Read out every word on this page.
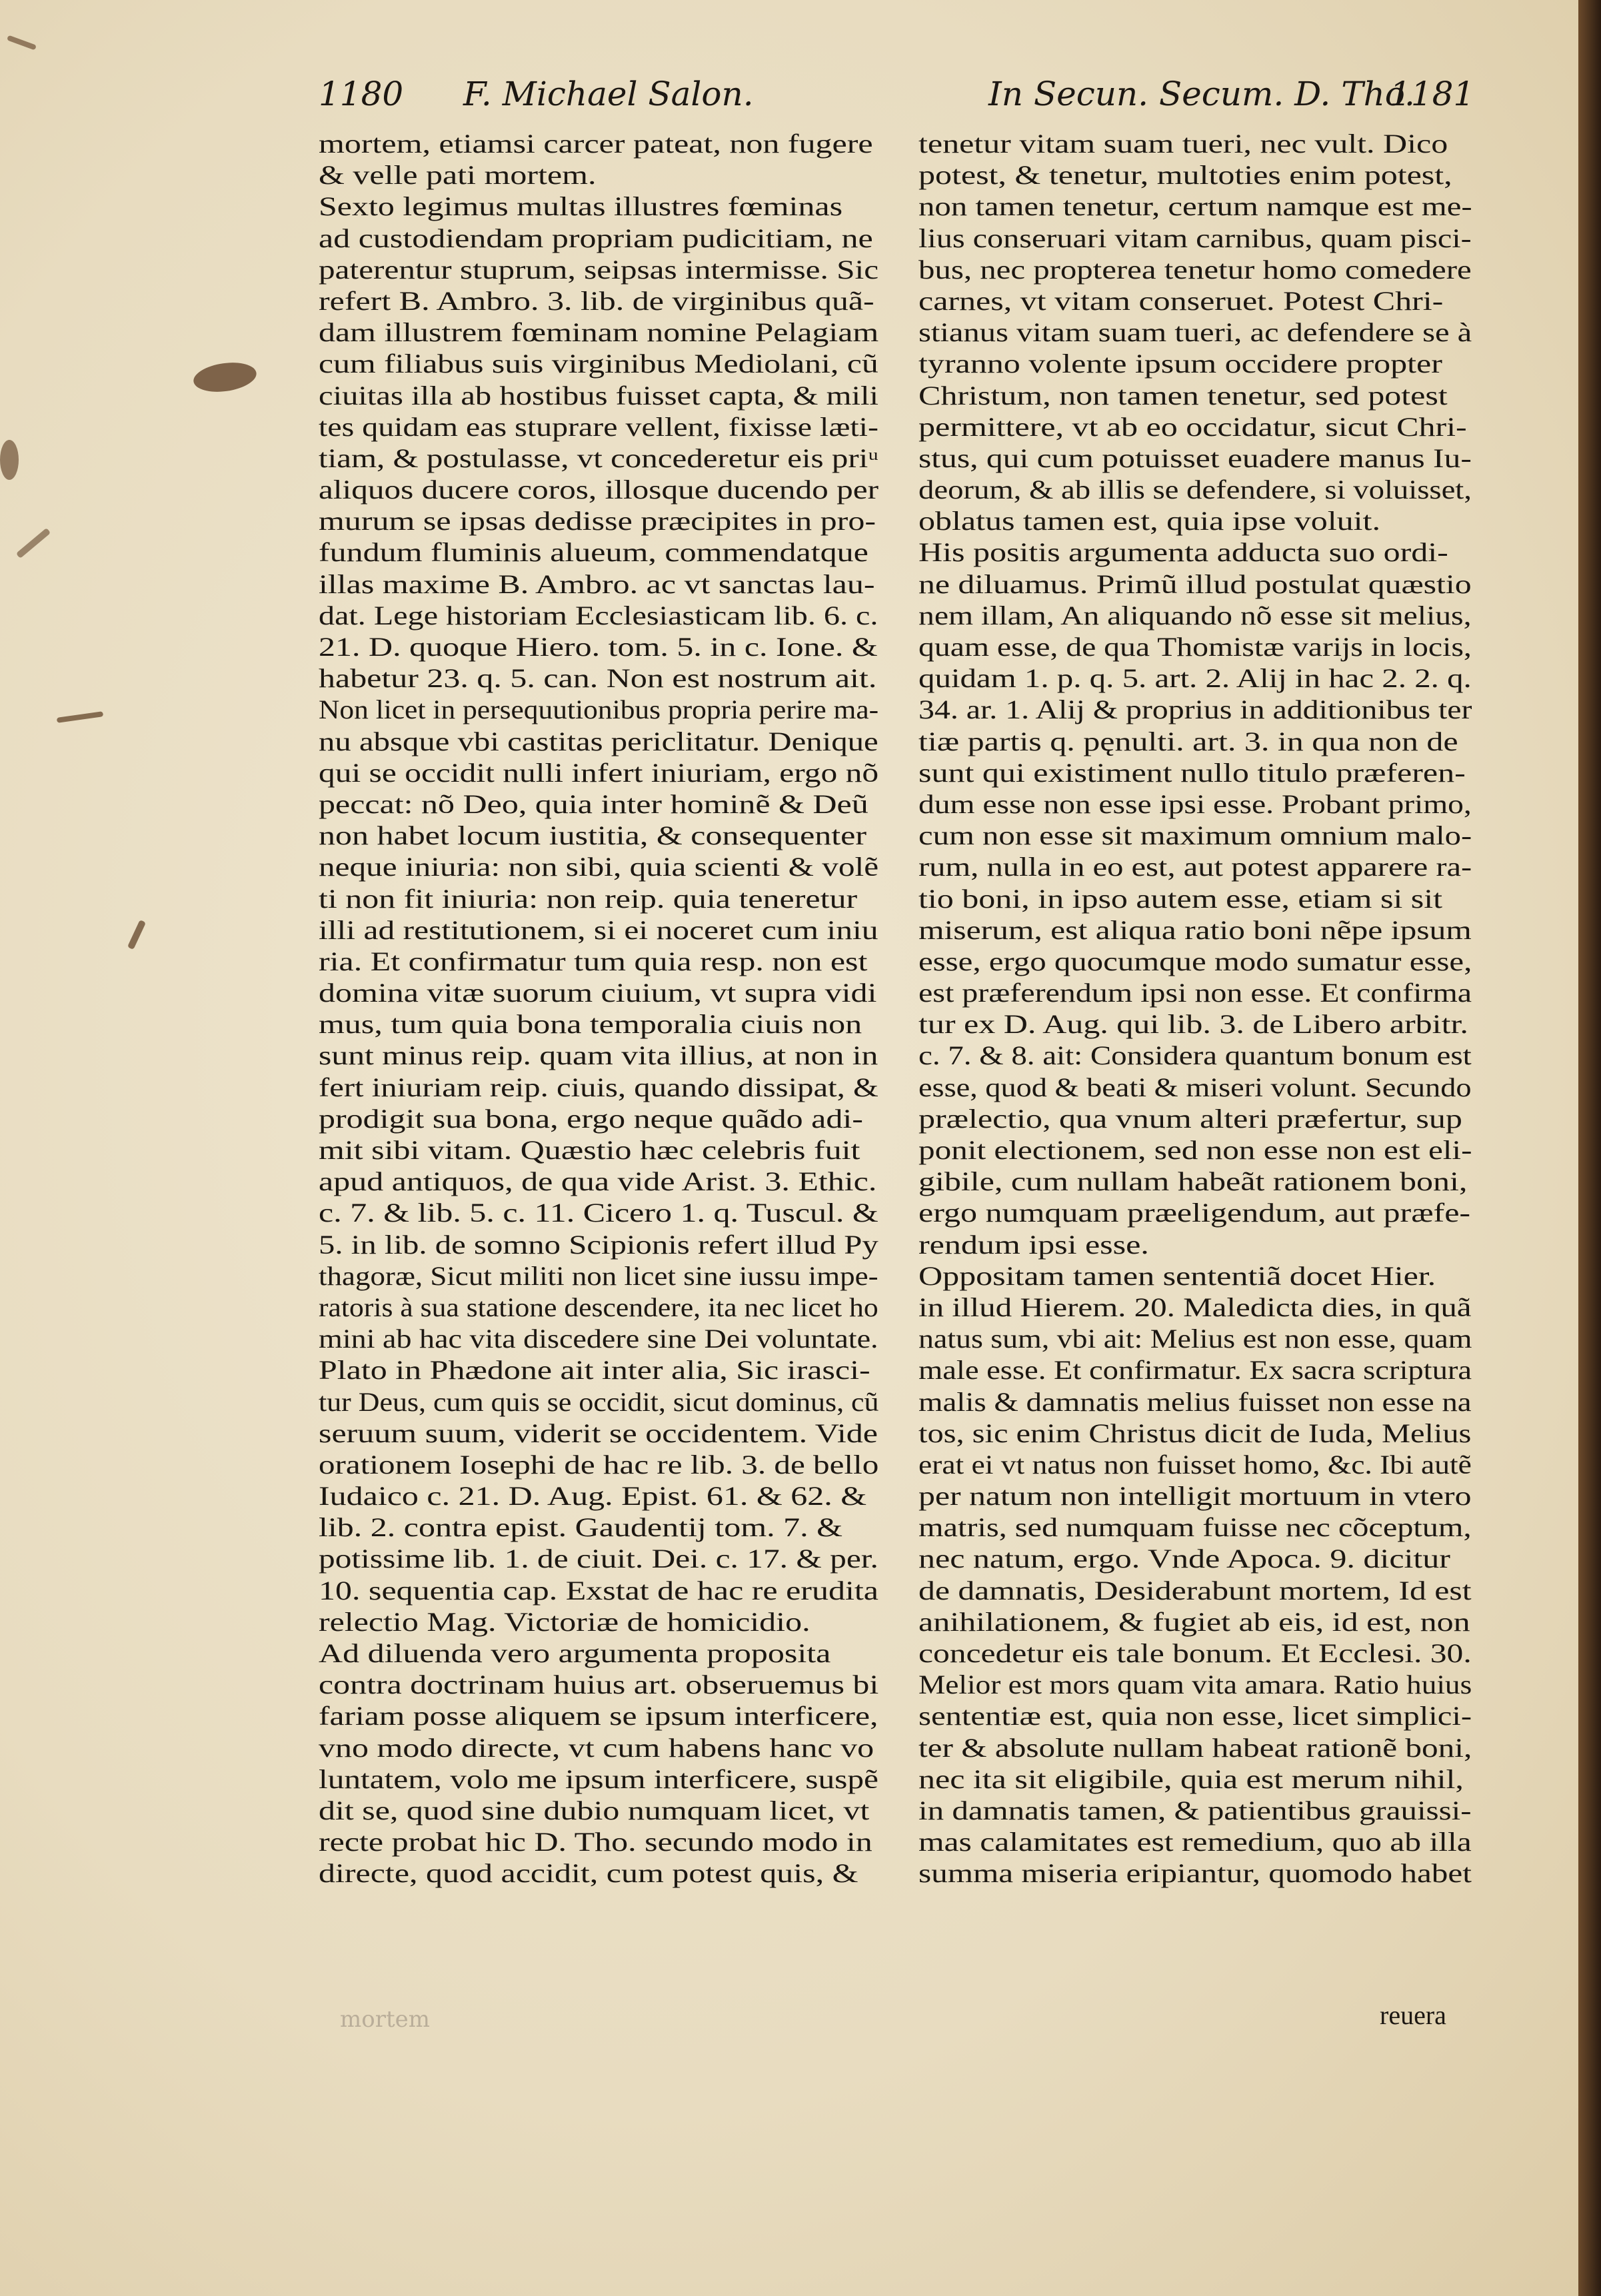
1180 F. Michael Salon.	In Secun. Secum. D. Tho.
1181
mortem, etiamsi carcer pateat, non fugere
& velle pati mortem.
Sexto legimus multas illustres fœminas
ad custodiendam propriam pudicitiam, ne
paterentur stuprum, seipsas intermisse. Sic
refert B. Ambro. 3. lib. de virginibus quã-
dam illustrem fœminam nomine Pelagiam
cum filiabus suis virginibus Mediolani, cũ
ciuitas illa ab hostibus fuisset capta, & mili
tes quidam eas stuprare vellent, fixisse læti-
tiam, & postulasse, vt concederetur eis priᵘ
aliquos ducere coros, illosque ducendo per
murum se ipsas dedisse præcipites in pro-
fundum fluminis alueum, commendatque
illas maxime B. Ambro. ac vt sanctas lau-
dat. Lege historiam Ecclesiasticam lib. 6. c.
21. D. quoque Hiero. tom. 5. in c. Ione. &
habetur 23. q. 5. can. Non est nostrum ait.
Non licet in persequutionibus propria perire ma-
nu absque vbi castitas periclitatur. Denique
qui se occidit nulli infert iniuriam, ergo nõ
peccat: nõ Deo, quia inter hominẽ & Deũ
non habet locum iustitia, & consequenter
neque iniuria: non sibi, quia scienti & volẽ
ti non fit iniuria: non reip. quia teneretur
illi ad restitutionem, si ei noceret cum iniu
ria. Et confirmatur tum quia resp. non est
domina vitæ suorum ciuium, vt supra vidi
mus, tum quia bona temporalia ciuis non
sunt minus reip. quam vita illius, at non in
fert iniuriam reip. ciuis, quando dissipat, &
prodigit sua bona, ergo neque quãdo adi-
mit sibi vitam. Quæstio hæc celebris fuit
apud antiquos, de qua vide Arist. 3. Ethic.
c. 7. & lib. 5. c. 11. Cicero 1. q. Tuscul. &
5. in lib. de somno Scipionis refert illud Py
thagoræ, Sicut militi non licet sine iussu impe-
ratoris à sua statione descendere, ita nec licet ho
mini ab hac vita discedere sine Dei voluntate.
Plato in Phædone ait inter alia, Sic irasci-
tur Deus, cum quis se occidit, sicut dominus, cũ
seruum suum, viderit se occidentem. Vide
orationem Iosephi de hac re lib. 3. de bello
Iudaico c. 21. D. Aug. Epist. 61. & 62. &
lib. 2. contra epist. Gaudentij tom. 7. &
potissime lib. 1. de ciuit. Dei. c. 17. & per.
10. sequentia cap. Exstat de hac re erudita
relectio Mag. Victoriæ de homicidio.
Ad diluenda vero argumenta proposita
contra doctrinam huius art. obseruemus bi
fariam posse aliquem se ipsum interficere,
vno modo directe, vt cum habens hanc vo
luntatem, volo me ipsum interficere, suspẽ
dit se, quod sine dubio numquam licet, vt
recte probat hic D. Tho. secundo modo in
directe, quod accidit, cum potest quis, &
tenetur vitam suam tueri, nec vult. Dico
potest, & tenetur, multoties enim potest,
non tamen tenetur, certum namque est me-
lius conseruari vitam carnibus, quam pisci-
bus, nec propterea tenetur homo comedere
carnes, vt vitam conseruet. Potest Chri-
stianus vitam suam tueri, ac defendere se à
tyranno volente ipsum occidere propter
Christum, non tamen tenetur, sed potest
permittere, vt ab eo occidatur, sicut Chri-
stus, qui cum potuisset euadere manus Iu-
deorum, & ab illis se defendere, si voluisset,
oblatus tamen est, quia ipse voluit.
His positis argumenta adducta suo ordi-
ne diluamus. Primũ illud postulat quæstio
nem illam, An aliquando nõ esse sit melius,
quam esse, de qua Thomistæ varijs in locis,
quidam 1. p. q. 5. art. 2. Alij in hac 2. 2. q.
34. ar. 1. Alij & proprius in additionibus ter
tiæ partis q. pęnulti. art. 3. in qua non de
sunt qui existiment nullo titulo præferen-
dum esse non esse ipsi esse. Probant primo,
cum non esse sit maximum omnium malo-
rum, nulla in eo est, aut potest apparere ra-
tio boni, in ipso autem esse, etiam si sit
miserum, est aliqua ratio boni nẽpe ipsum
esse, ergo quocumque modo sumatur esse,
est præferendum ipsi non esse. Et confirma
tur ex D. Aug. qui lib. 3. de Libero arbitr.
c. 7. & 8. ait: Considera quantum bonum est
esse, quod & beati & miseri volunt. Secundo
prælectio, qua vnum alteri præfertur, sup
ponit electionem, sed non esse non est eli-
gibile, cum nullam habeãt rationem boni,
ergo numquam præeligendum, aut præfe-
rendum ipsi esse.
Oppositam tamen sententiã docet Hier.
in illud Hierem. 20. Maledicta dies, in quã
natus sum, vbi ait: Melius est non esse, quam
male esse. Et confirmatur. Ex sacra scriptura
malis & damnatis melius fuisset non esse na
tos, sic enim Christus dicit de Iuda, Melius
erat ei vt natus non fuisset homo, &c. Ibi autẽ
per natum non intelligit mortuum in vtero
matris, sed numquam fuisse nec cõceptum,
nec natum, ergo. Vnde Apoca. 9. dicitur
de damnatis, Desiderabunt mortem, Id est
anihilationem, & fugiet ab eis, id est, non
concedetur eis tale bonum. Et Ecclesi. 30.
Melior est mors quam vita amara. Ratio huius
sententiæ est, quia non esse, licet simplici-
ter & absolute nullam habeat rationẽ boni,
nec ita sit eligibile, quia est merum nihil,
in damnatis tamen, & patientibus grauissi-
mas calamitates est remedium, quo ab illa
summa miseria eripiantur, quomodo habet
mortem	reuera
